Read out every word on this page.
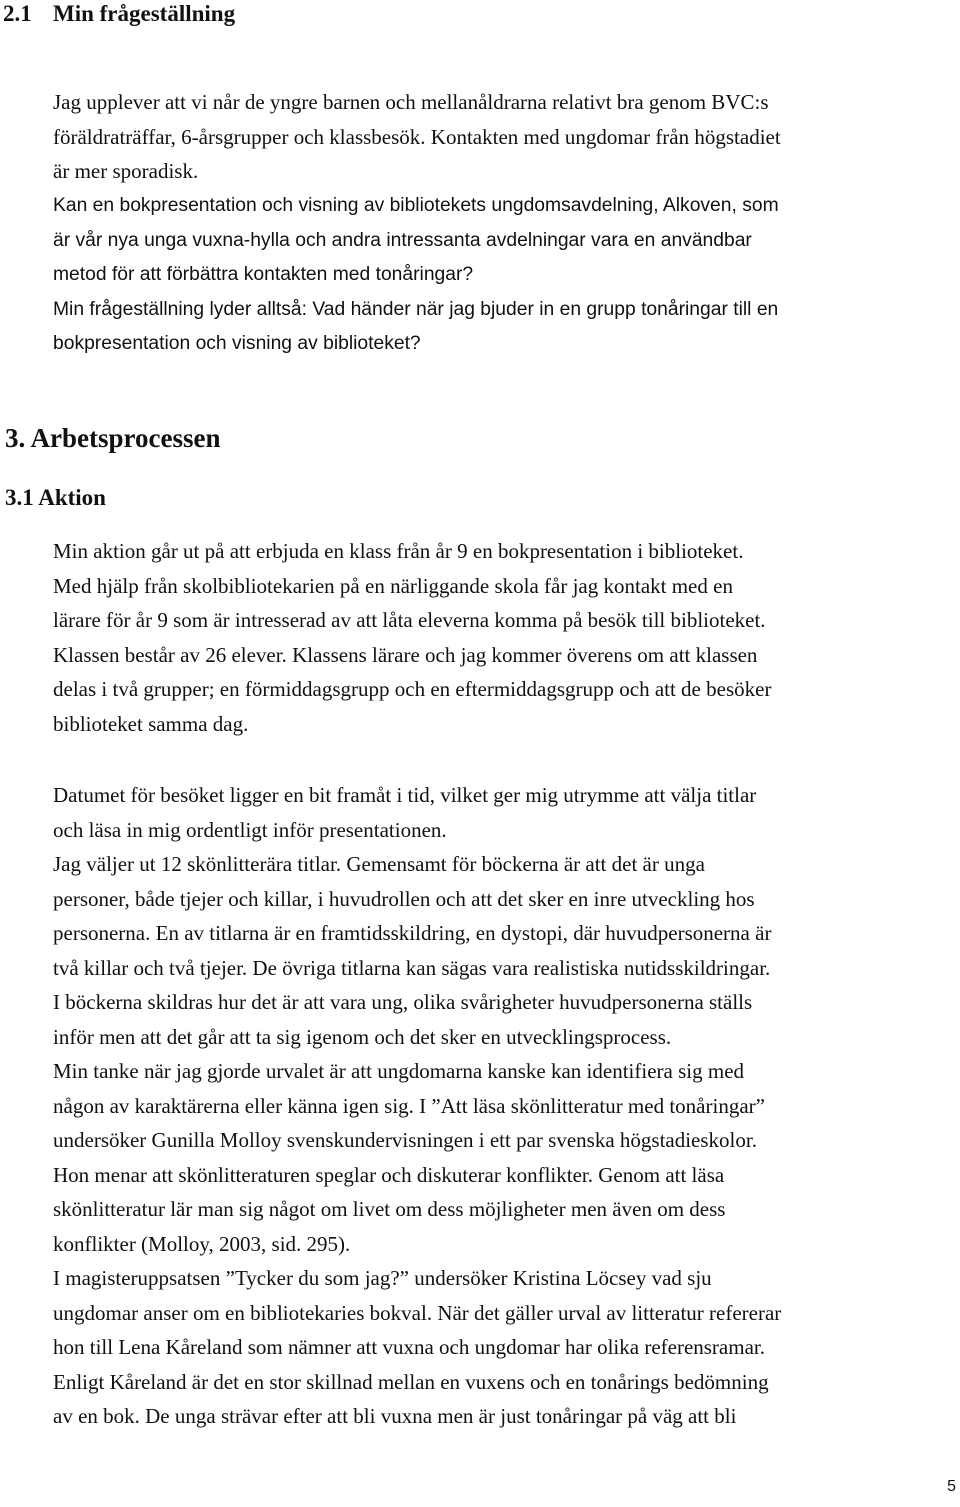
2.1 Min frågeställning
Jag upplever att vi når de yngre barnen och mellanåldrarna relativt bra genom BVC:s
föräldraträffar, 6-årsgrupper och klassbesök. Kontakten med ungdomar från högstadiet
är mer sporadisk.
Kan en bokpresentation och visning av bibliotekets ungdomsavdelning, Alkoven, som
är vår nya unga vuxna-hylla och andra intressanta avdelningar vara en användbar
metod för att förbättra kontakten med tonåringar?
Min frågeställning lyder alltså: Vad händer när jag bjuder in en grupp tonåringar till en
bokpresentation och visning av biblioteket?
3. Arbetsprocessen
3.1 Aktion
Min aktion går ut på att erbjuda en klass från år 9 en bokpresentation i biblioteket.
Med hjälp från skolbibliotekarien på en närliggande skola får jag kontakt med en
lärare för år 9 som är intresserad av att låta eleverna komma på besök till biblioteket.
Klassen består av 26 elever. Klassens lärare och jag kommer överens om att klassen
delas i två grupper; en förmiddagsgrupp och en eftermiddagsgrupp och att de besöker
biblioteket samma dag.
Datumet för besöket ligger en bit framåt i tid, vilket ger mig utrymme att välja titlar
och läsa in mig ordentligt inför presentationen.
Jag väljer ut 12 skönlitterära titlar. Gemensamt för böckerna är att det är unga
personer, både tjejer och killar, i huvudrollen och att det sker en inre utveckling hos
personerna. En av titlarna är en framtidsskildring, en dystopi, där huvudpersonerna är
två killar och två tjejer. De övriga titlarna kan sägas vara realistiska nutidsskildringar.
I böckerna skildras hur det är att vara ung, olika svårigheter huvudpersonerna ställs
inför men att det går att ta sig igenom och det sker en utvecklingsprocess.
Min tanke när jag gjorde urvalet är att ungdomarna kanske kan identifiera sig med
någon av karaktärerna eller känna igen sig. I ”Att läsa skönlitteratur med tonåringar”
undersöker Gunilla Molloy svenskundervisningen i ett par svenska högstadieskolor.
Hon menar att skönlitteraturen speglar och diskuterar konflikter. Genom att läsa
skönlitteratur lär man sig något om livet om dess möjligheter men även om dess
konflikter (Molloy, 2003, sid. 295).
I magisteruppsatsen ”Tycker du som jag?” undersöker Kristina Löcsey vad sju
ungdomar anser om en bibliotekaries bokval. När det gäller urval av litteratur refererar
hon till Lena Kåreland som nämner att vuxna och ungdomar har olika referensramar.
Enligt Kåreland är det en stor skillnad mellan en vuxens och en tonårings bedömning
av en bok. De unga strävar efter att bli vuxna men är just tonåringar på väg att bli
5
